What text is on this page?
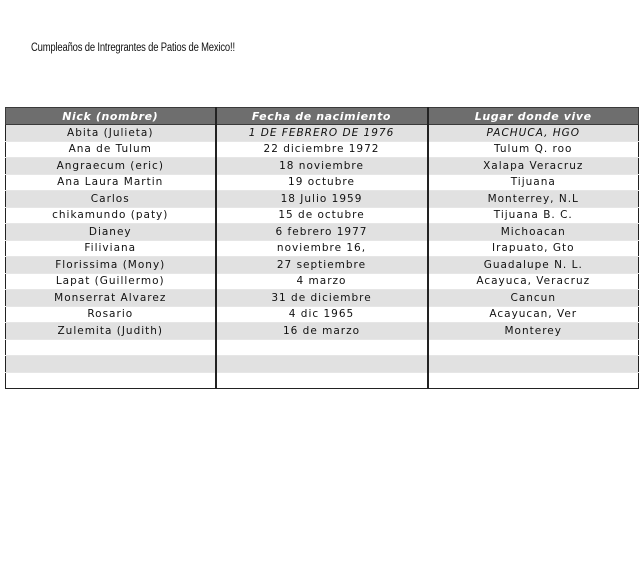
Cumpleaños de Intregrantes de Patios de Mexico!!
Nick (nombre)	Fecha de nacimiento	Lugar donde vive
Abita (Julieta)	1 DE FEBRERO DE 1976	PACHUCA, HGO
Ana de Tulum	22 diciembre 1972	Tulum Q. roo
Angraecum (eric)	18 noviembre	Xalapa Veracruz
Ana Laura Martin	19 octubre	Tijuana
Carlos	18 Julio 1959	Monterrey, N.L
chikamundo (paty)	15 de octubre	Tijuana B. C.
Dianey	6 febrero 1977	Michoacan
Filiviana	noviembre 16,	Irapuato, Gto
Florissima (Mony)	27 septiembre	Guadalupe N. L.
Lapat (Guillermo)	4 marzo	Acayuca, Veracruz
Monserrat Alvarez	31 de diciembre	Cancun
Rosario	4 dic 1965	Acayucan, Ver
Zulemita (Judith)	16 de marzo	Monterey
